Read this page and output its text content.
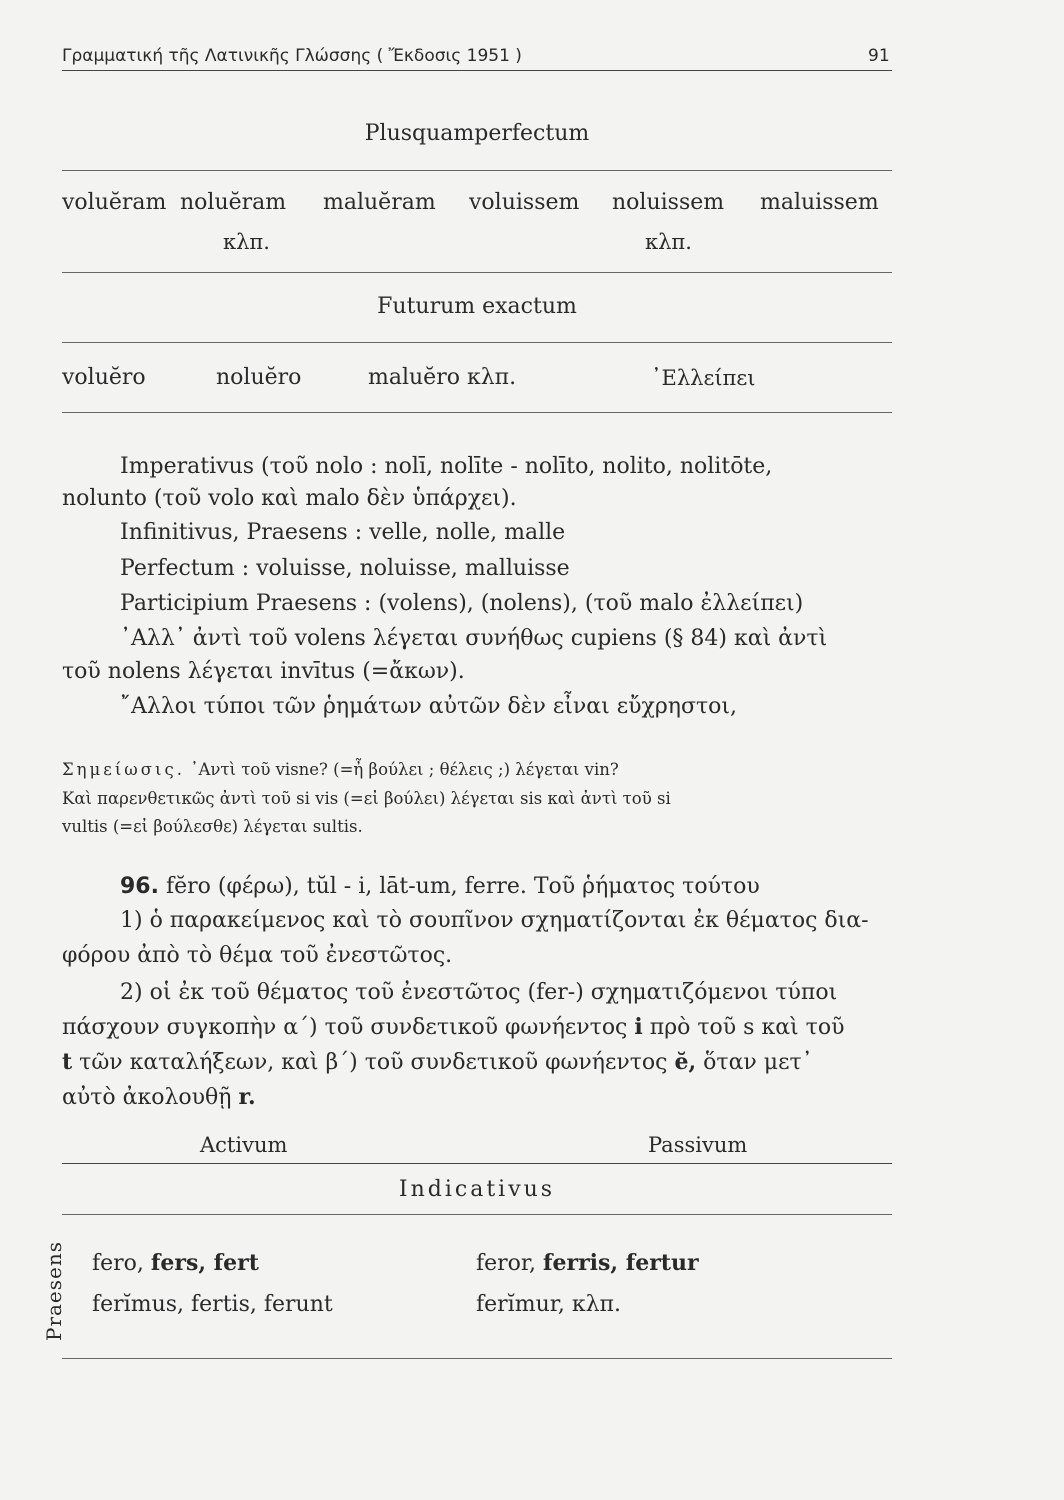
Γραμματική τῆς Λατινικῆς Γλώσσης ( Ἔκδοσις 1951 )	91
Plusquamperfectum
voluĕram noluĕram maluĕram voluissem noluissem maluissem
κλπ.	κλπ.
Futurum exactum
voluĕro	noluĕro	maluĕro κλπ.	᾿Ελλείπει
Imperativus (τοῦ nolo : nolī, nolīte - nolīto, nolito, nolitōte,
nolunto (τοῦ volo καὶ malo δὲν ὑπάρχει).
Infinitivus, Praesens : velle, nolle, malle
Perfectum : voluisse, noluisse, malluisse
Participium Praesens : (volens), (nolens), (τοῦ malo ἐλλείπει)
᾿Αλλ᾿ ἀντὶ τοῦ volens λέγεται συνήθως cupiens (§ 84) καὶ ἀντὶ
τοῦ nolens λέγεται invītus (=ἄκων).
῎Αλλοι τύποι τῶν ῥημάτων αὐτῶν δὲν εἶναι εὔχρηστοι,
Σημείωσις. ᾿Αντὶ τοῦ visne? (=ἦ βούλει ; θέλεις ;) λέγεται vin?
Καὶ παρενθετικῶς ἀντὶ τοῦ si vis (=εἰ βούλει) λέγεται sis καὶ ἀντὶ τοῦ si
vultis (=εἰ βούλεσθε) λέγεται sultis.
96. fĕro (φέρω), tŭl - i, lāt-um, ferre. Τοῦ ῥήματος τούτου
1) ὁ παρακείμενος καὶ τὸ σουπῖνον σχηματίζονται ἐκ θέματος δια-
φόρου ἀπὸ τὸ θέμα τοῦ ἐνεστῶτος.
2) οἱ ἐκ τοῦ θέματος τοῦ ἐνεστῶτος (fer-) σχηματιζόμενοι τύποι
πάσχουν συγκοπὴν α΄) τοῦ συνδετικοῦ φωνήεντος i πρὸ τοῦ s καὶ τοῦ
t τῶν καταλήξεων, καὶ β΄) τοῦ συνδετικοῦ φωνήεντος ĕ, ὅταν μετ᾿
αὐτὸ ἀκολουθῇ r.
Activum	Passivum
Indicativus
Praesens fero, fers, fert	feror, ferris, fertur
ferĭmus, fertis, ferunt	ferĭmur, κλπ.
